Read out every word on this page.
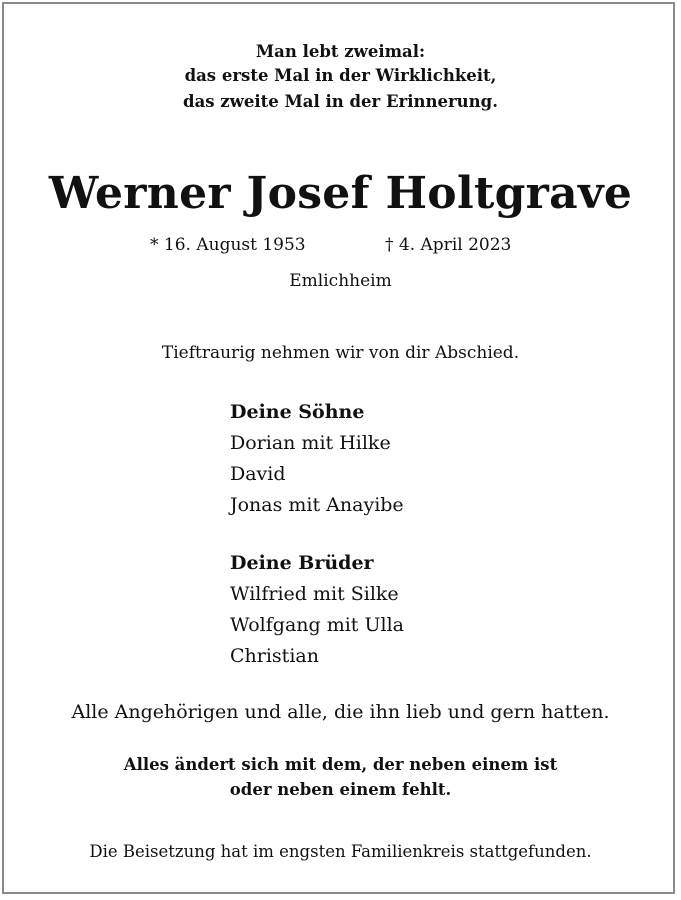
Man lebt zweimal:
das erste Mal in der Wirklichkeit,
das zweite Mal in der Erinnerung.
Werner Josef Holtgrave
* 16. August 1953	† 4. April 2023
Emlichheim
Tieftraurig nehmen wir von dir Abschied.
Deine Söhne
Dorian mit Hilke
David
Jonas mit Anayibe
Deine Brüder
Wilfried mit Silke
Wolfgang mit Ulla
Christian
Alle Angehörigen und alle, die ihn lieb und gern hatten.
Alles ändert sich mit dem, der neben einem ist
oder neben einem fehlt.
Die Beisetzung hat im engsten Familienkreis stattgefunden.
